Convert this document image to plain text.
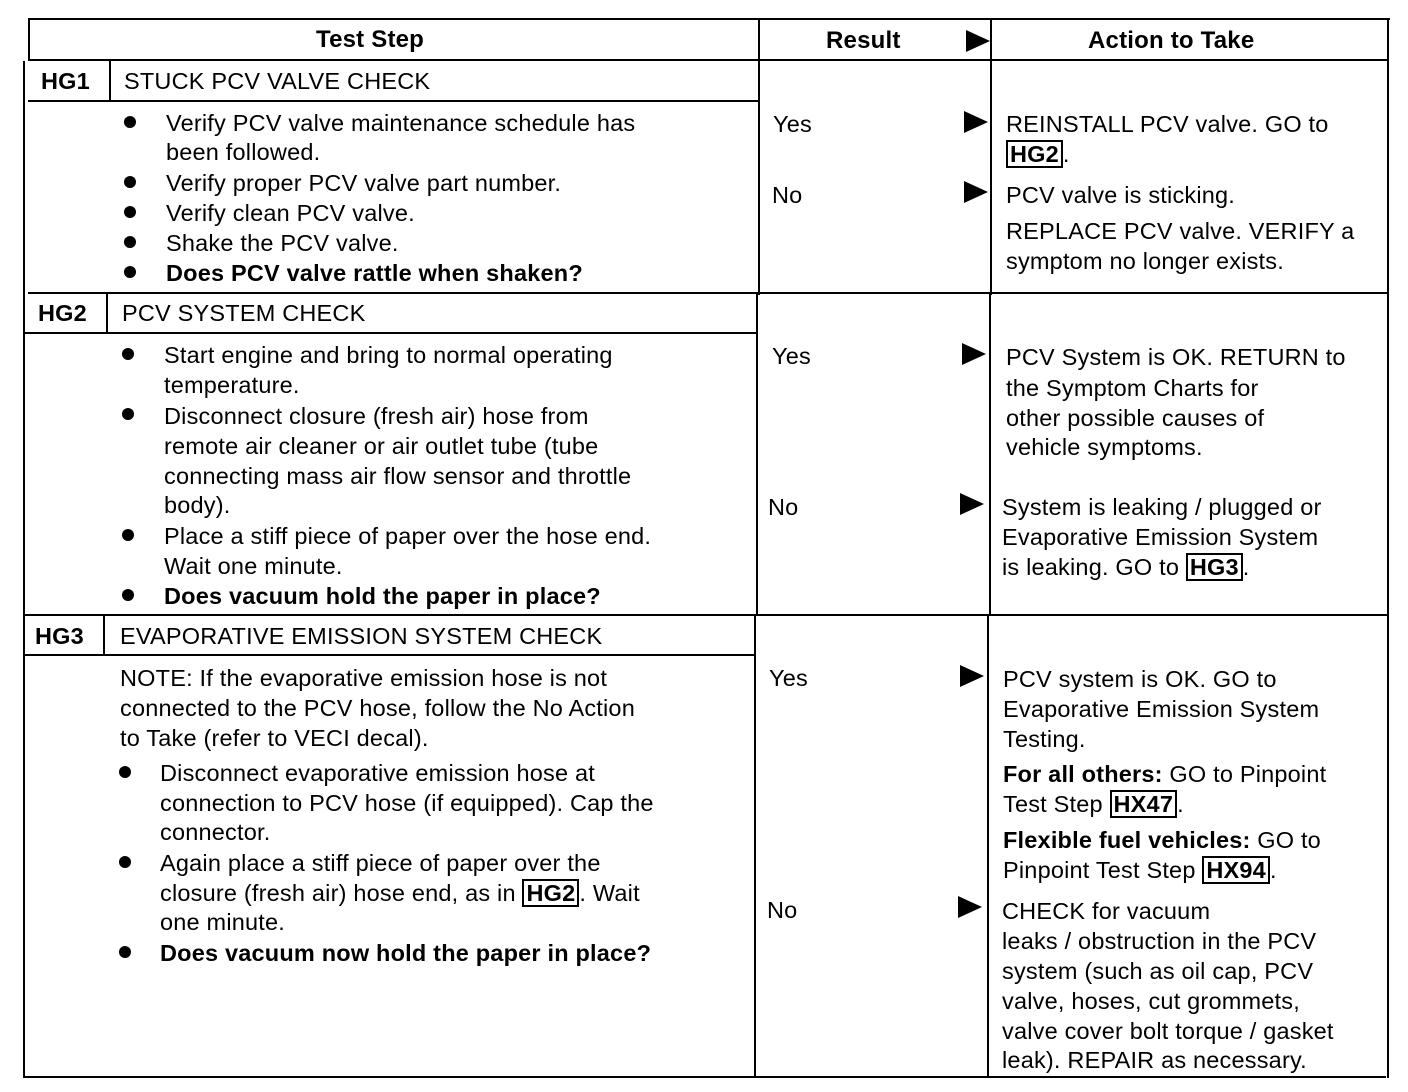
Test Step	Result	Action to Take
HG1 STUCK PCV VALVE CHECK
Verify PCV valve maintenance schedule has
been followed.
Verify proper PCV valve part number.
Verify clean PCV valve.
Shake the PCV valve.
Does PCV valve rattle when shaken?
Yes
No
REINSTALL PCV valve. GO to
HG2 .
PCV valve is sticking.
REPLACE PCV valve. VERIFY a
symptom no longer exists.
HG2 PCV SYSTEM CHECK
Start engine and bring to normal operating
temperature.
Disconnect closure (fresh air) hose from
remote air cleaner or air outlet tube (tube
connecting mass air flow sensor and throttle
body).
Place a stiff piece of paper over the hose end.
Wait one minute.
Does vacuum hold the paper in place?
Yes
No
PCV System is OK. RETURN to
the Symptom Charts for
other possible causes of
vehicle symptoms.
System is leaking / plugged or
Evaporative Emission System
is leaking. GO to HG3 .
HG3 EVAPORATIVE EMISSION SYSTEM CHECK
NOTE: If the evaporative emission hose is not
connected to the PCV hose, follow the No Action
to Take (refer to VECI decal).
Disconnect evaporative emission hose at
connection to PCV hose (if equipped). Cap the
connector.
Again place a stiff piece of paper over the
closure (fresh air) hose end, as in HG2 . Wait
one minute.
Does vacuum now hold the paper in place?
Yes
No
PCV system is OK. GO to
Evaporative Emission System
Testing.
For all others: GO to Pinpoint
Test Step HX47 .
Flexible fuel vehicles: GO to
Pinpoint Test Step HX94 .
CHECK for vacuum
leaks / obstruction in the PCV
system (such as oil cap, PCV
valve, hoses, cut grommets,
valve cover bolt torque / gasket
leak). REPAIR as necessary.
